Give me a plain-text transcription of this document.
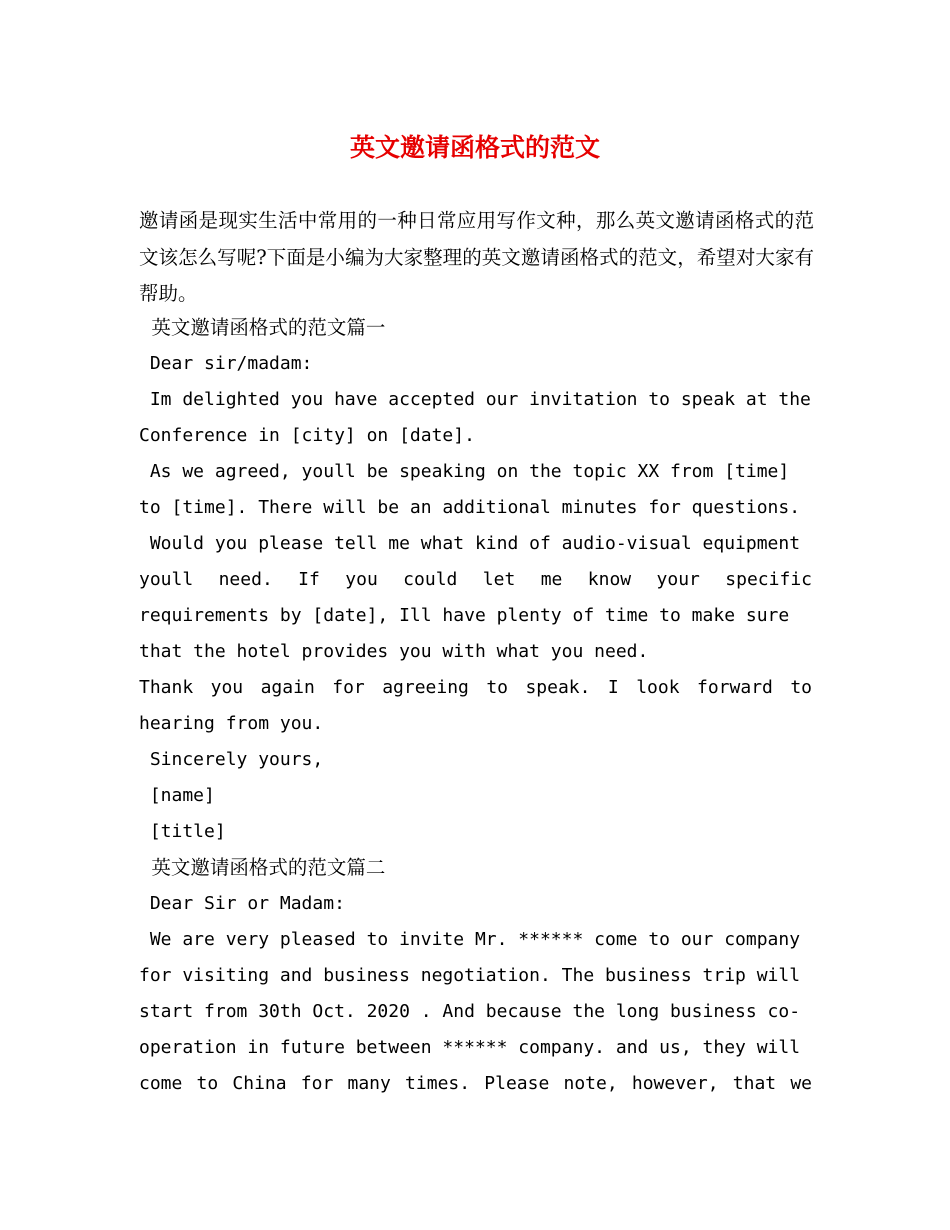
英文邀请函格式的范文
邀请函是现实生活中常用的一种日常应用写作文种，那么英文邀请函格式的范文该怎么写呢?下面是小编为大家整理的英文邀请函格式的范文，希望对大家有帮助。
英文邀请函格式的范文篇一
Dear sir/madam:
Im delighted you have accepted our invitation to speak at the
Conference in [city] on [date].
As we agreed, youll be speaking on the topic XX from [time]
to [time]. There will be an additional minutes for questions.
Would you please tell me what kind of audio-visual equipment
youll need. If you could let me know your specific
requirements by [date], Ill have plenty of time to make sure
that the hotel provides you with what you need.
Thank you again for agreeing to speak. I look forward to
hearing from you.
Sincerely yours,
[name]
[title]
英文邀请函格式的范文篇二
Dear Sir or Madam:
We are very pleased to invite Mr. ****** come to our company
for visiting and business negotiation. The business trip will
start from 30th Oct. 2020 . And because the long business co-
operation in future between ****** company. and us, they will
come to China for many times. Please note, however, that we
